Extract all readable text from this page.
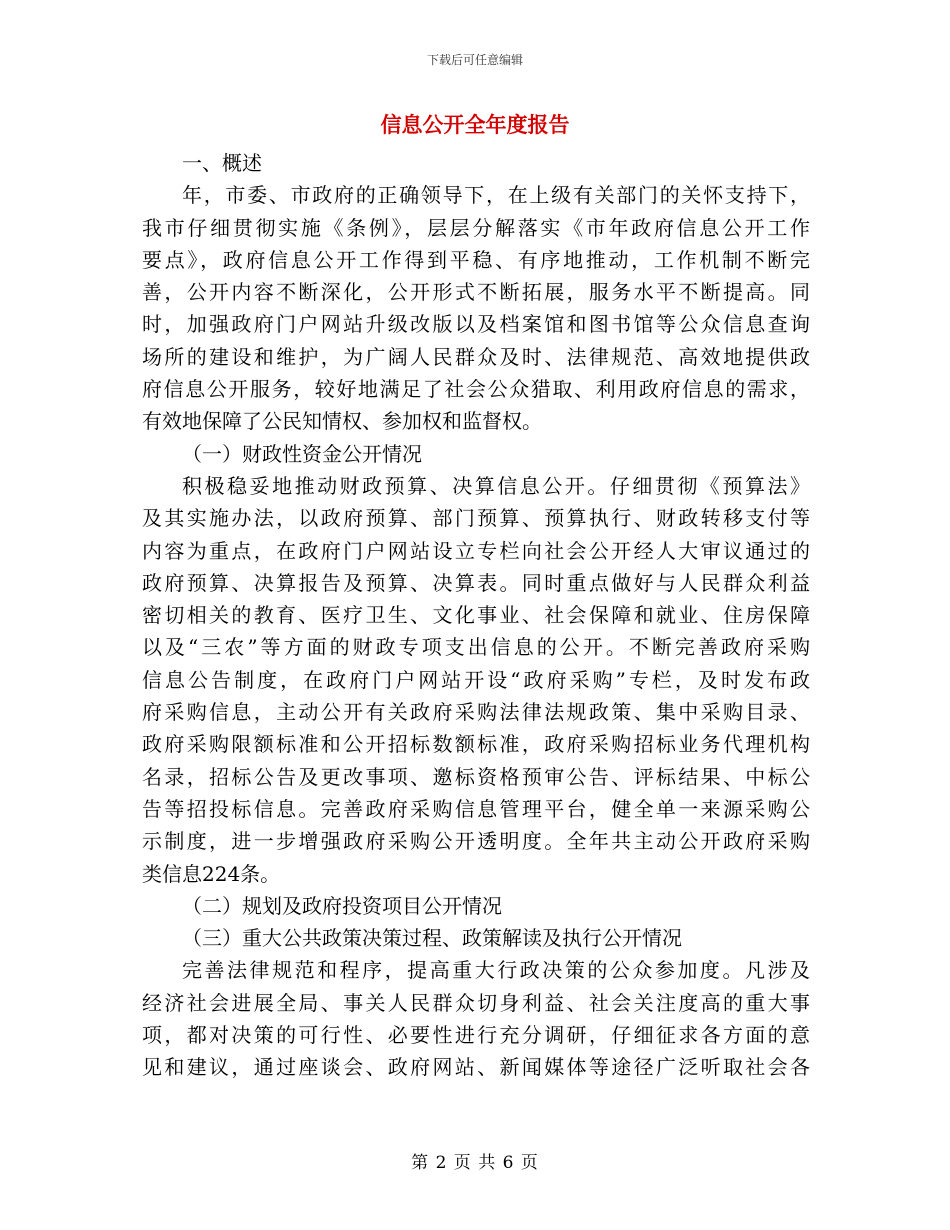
下载后可任意编辑
信息公开全年度报告

一、概述

年，市委、市政府的正确领导下，在上级有关部门的关怀支持下，
我市仔细贯彻实施《条例》，层层分解落实《市年政府信息公开工作
要点》，政府信息公开工作得到平稳、有序地推动，工作机制不断完
善，公开内容不断深化，公开形式不断拓展，服务水平不断提高。同
时，加强政府门户网站升级改版以及档案馆和图书馆等公众信息查询
场所的建设和维护，为广阔人民群众及时、法律规范、高效地提供政
府信息公开服务，较好地满足了社会公众猎取、利用政府信息的需求，
有效地保障了公民知情权、参加权和监督权。

（一）财政性资金公开情况

积极稳妥地推动财政预算、决算信息公开。仔细贯彻《预算法》
及其实施办法，以政府预算、部门预算、预算执行、财政转移支付等
内容为重点，在政府门户网站设立专栏向社会公开经人大审议通过的
政府预算、决算报告及预算、决算表。同时重点做好与人民群众利益
密切相关的教育、医疗卫生、文化事业、社会保障和就业、住房保障
以及“三农”等方面的财政专项支出信息的公开。不断完善政府采购
信息公告制度，在政府门户网站开设“政府采购”专栏，及时发布政
府采购信息，主动公开有关政府采购法律法规政策、集中采购目录、
政府采购限额标准和公开招标数额标准，政府采购招标业务代理机构
名录，招标公告及更改事项、邀标资格预审公告、评标结果、中标公
告等招投标信息。完善政府采购信息管理平台，健全单一来源采购公
示制度，进一步增强政府采购公开透明度。全年共主动公开政府采购
类信息224条。

（二）规划及政府投资项目公开情况

（三）重大公共政策决策过程、政策解读及执行公开情况

完善法律规范和程序，提高重大行政决策的公众参加度。凡涉及
经济社会进展全局、事关人民群众切身利益、社会关注度高的重大事
项，都对决策的可行性、必要性进行充分调研，仔细征求各方面的意
见和建议，通过座谈会、政府网站、新闻媒体等途径广泛听取社会各
第 2 页 共 6 页
